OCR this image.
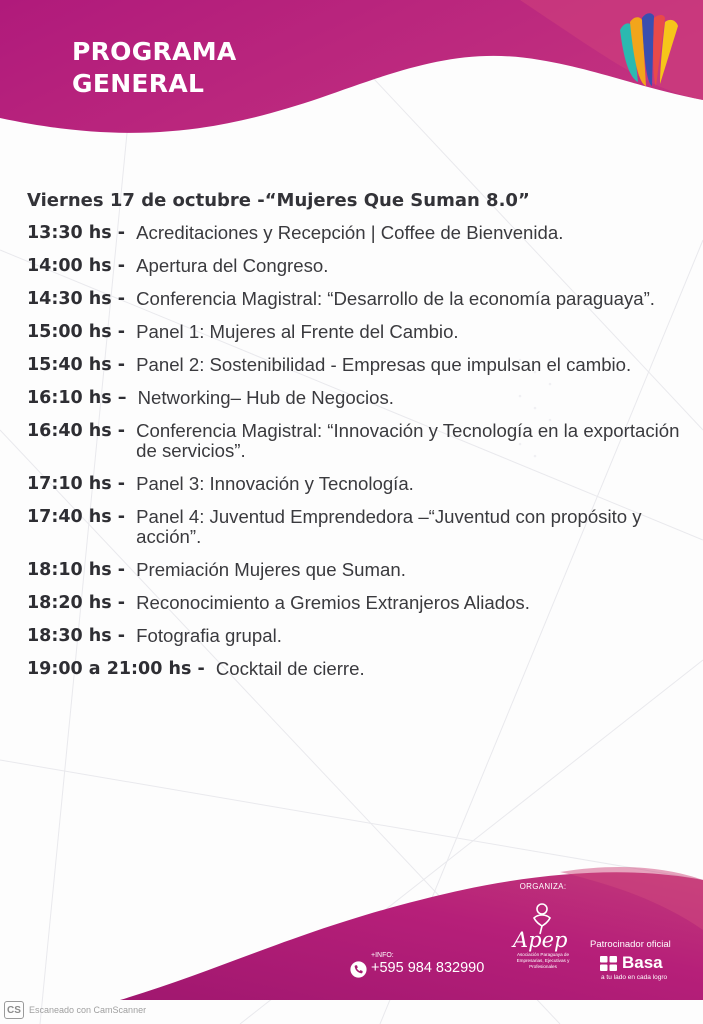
PROGRAMA
GENERAL
Viernes 17 de octubre -“Mujeres Que Suman 8.0”
13:30 hs - Acreditaciones y Recepción | Coffee de Bienvenida.
14:00 hs - Apertura del Congreso.
14:30 hs - Conferencia Magistral: “Desarrollo de la economía paraguaya”.
15:00 hs - Panel 1: Mujeres al Frente del Cambio.
15:40 hs - Panel 2: Sostenibilidad - Empresas que impulsan el cambio.
16:10 hs – Networking– Hub de Negocios.
16:40 hs - Conferencia Magistral: “Innovación y Tecnología en la exportación de servicios”.
17:10 hs - Panel 3: Innovación y Tecnología.
17:40 hs - Panel 4: Juventud Emprendedora –“Juventud con propósito y acción”.
18:10 hs - Premiación Mujeres que Suman.
18:20 hs - Reconocimiento a Gremios Extranjeros Aliados.
18:30 hs - Fotografia grupal.
19:00 a 21:00 hs - Cocktail de cierre.
+INFO:
+595 984 832990
ORGANIZA:
Apep
Asociación Paraguaya de Empresarias, Ejecutivas y Profesionales
Patrocinador oficial
Basa
a tu lado en cada logro
CS Escaneado con CamScanner
